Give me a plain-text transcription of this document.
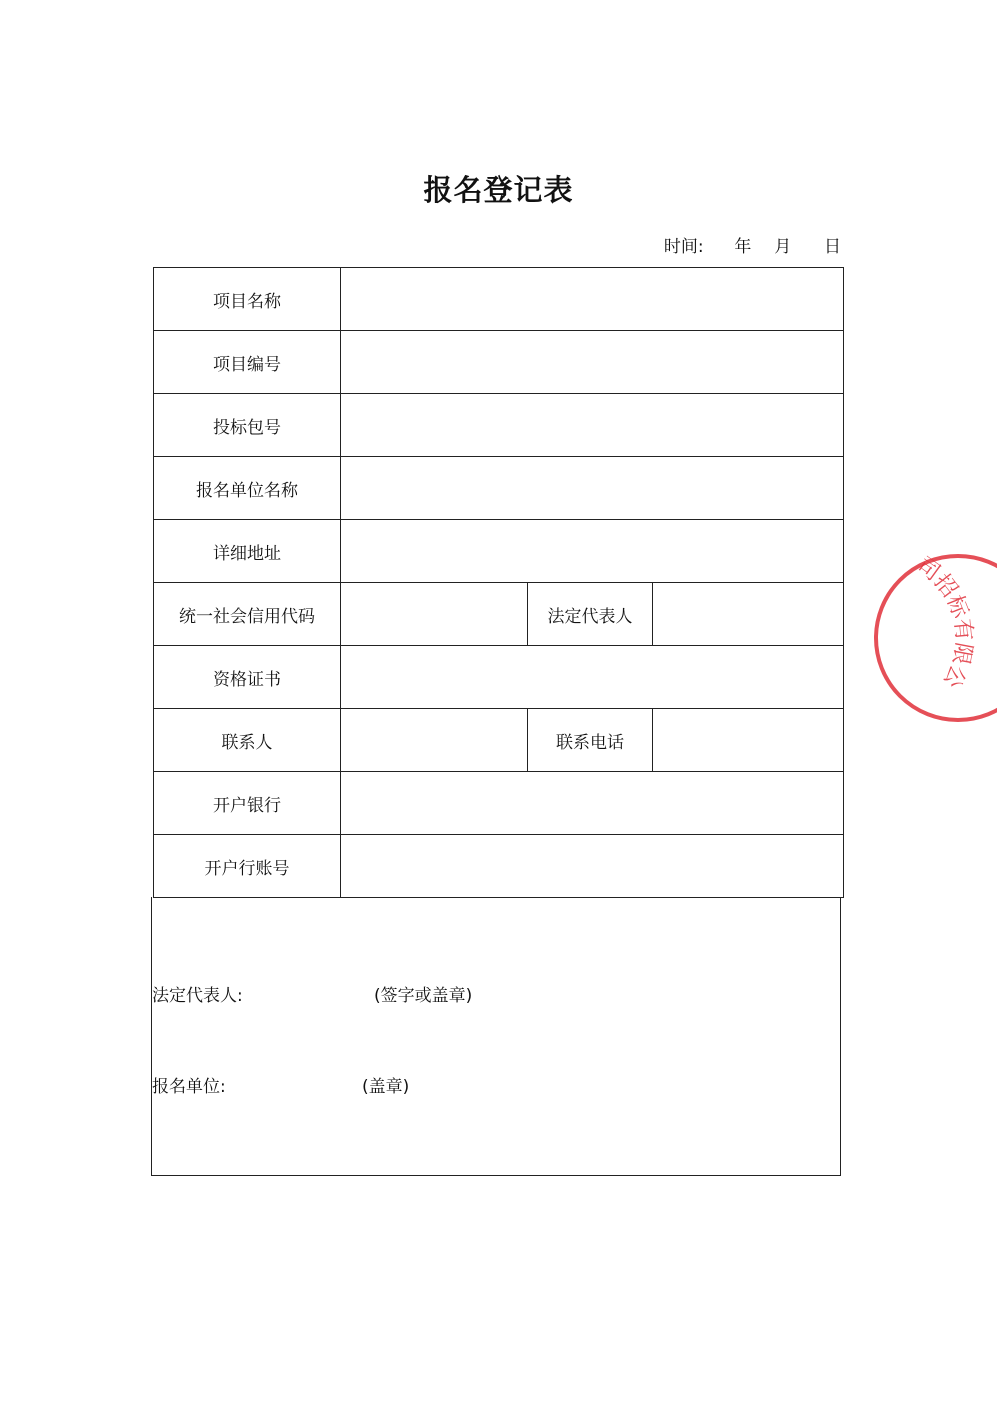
报名登记表
时间: 年 月 日
项目名称			
项目编号			
投标包号			
报名单位名称			
详细地址			
统一社会信用代码		法定代表人	
资格证书			
联系人		联系电话	
开户银行			
开户行账号			
法定代表人:	(签字或盖章)
报名单位:	(盖章)
司招标有限公
